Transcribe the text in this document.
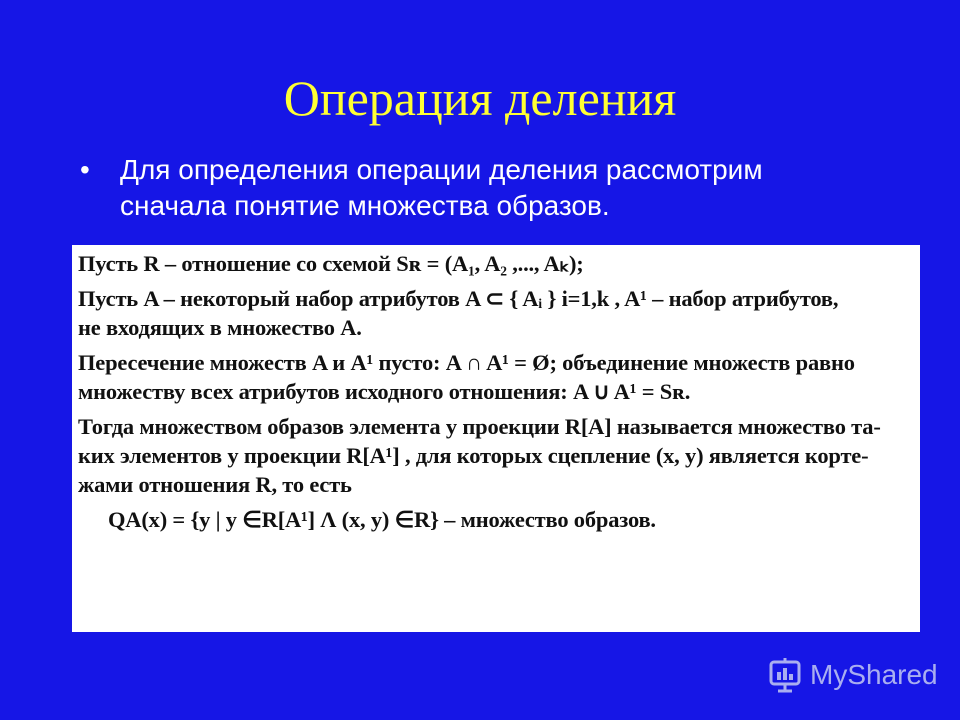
Операция деления
•	Для определения операции деления рассмотрим
сначала понятие множества образов.
Пусть R – отношение со схемой Sʀ = (A₁, A₂ ,..., Aₖ);
Пусть A – некоторый набор атрибутов A ⊂ { Aᵢ } i=1,k , A¹ – набор атрибутов,
не входящих в множество A.
Пересечение множеств A и A¹ пусто: A ∩ A¹ = Ø; объединение множеств равно
множеству всех атрибутов исходного отношения: A ∪ A¹ = Sʀ.
Тогда множеством образов элемента y проекции R[A] называется множество та-
ких элементов y проекции R[A¹] , для которых сцепление (x, y) является корте-
жами отношения R, то есть
QA(x) = {y | y ∈R[A¹] Λ (x, y) ∈R} – множество образов.
MyShared
